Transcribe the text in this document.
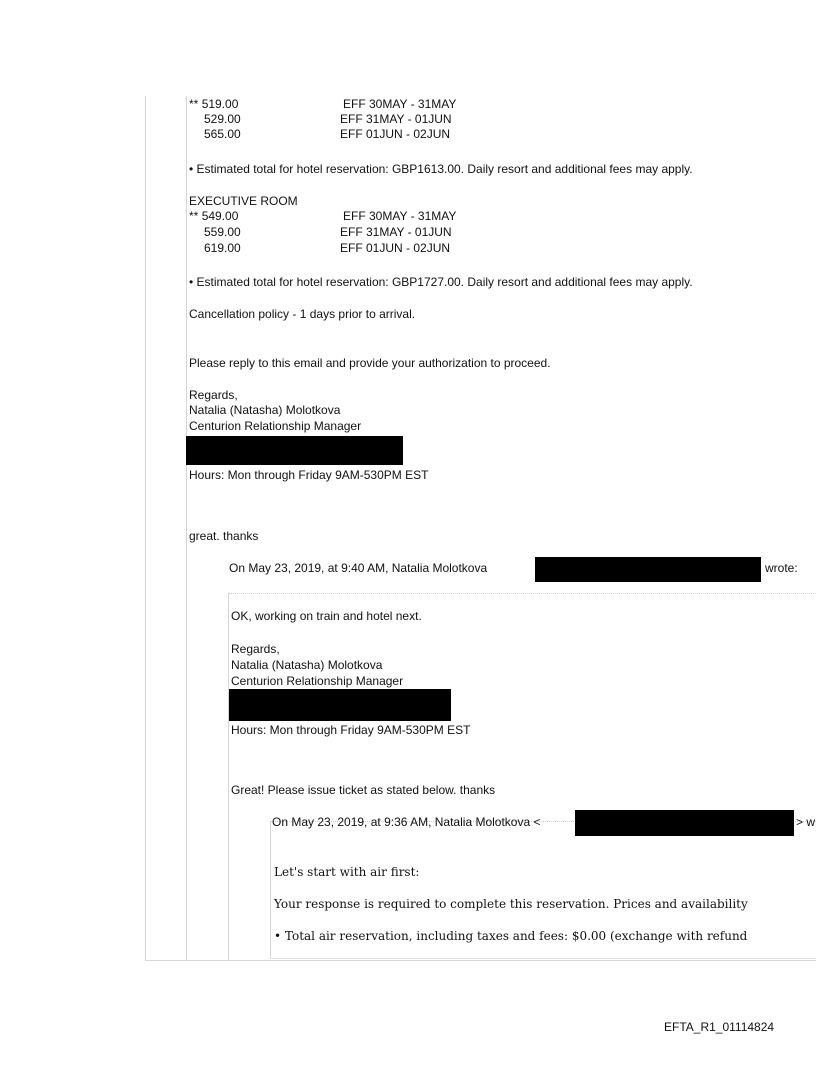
** 519.00	EFF 30MAY - 31MAY
529.00	EFF 31MAY - 01JUN
565.00	EFF 01JUN - 02JUN
• Estimated total for hotel reservation: GBP1613.00. Daily resort and additional fees may apply.
EXECUTIVE ROOM
** 549.00	EFF 30MAY - 31MAY
559.00	EFF 31MAY - 01JUN
619.00	EFF 01JUN - 02JUN
• Estimated total for hotel reservation: GBP1727.00. Daily resort and additional fees may apply.
Cancellation policy - 1 days prior to arrival.
Please reply to this email and provide your authorization to proceed.
Regards,
Natalia (Natasha) Molotkova
Centurion Relationship Manager
Hours: Mon through Friday 9AM-530PM EST
great. thanks
On May 23, 2019, at 9:40 AM, Natalia Molotkova	wrote:
OK, working on train and hotel next.
Regards,
Natalia (Natasha) Molotkova
Centurion Relationship Manager
Hours: Mon through Friday 9AM-530PM EST
Great! Please issue ticket as stated below. thanks
On May 23, 2019, at 9:36 AM, Natalia Molotkova <	> w
Let's start with air first:
Your response is required to complete this reservation. Prices and availability
• Total air reservation, including taxes and fees: $0.00 (exchange with refund
EFTA_R1_01114824
